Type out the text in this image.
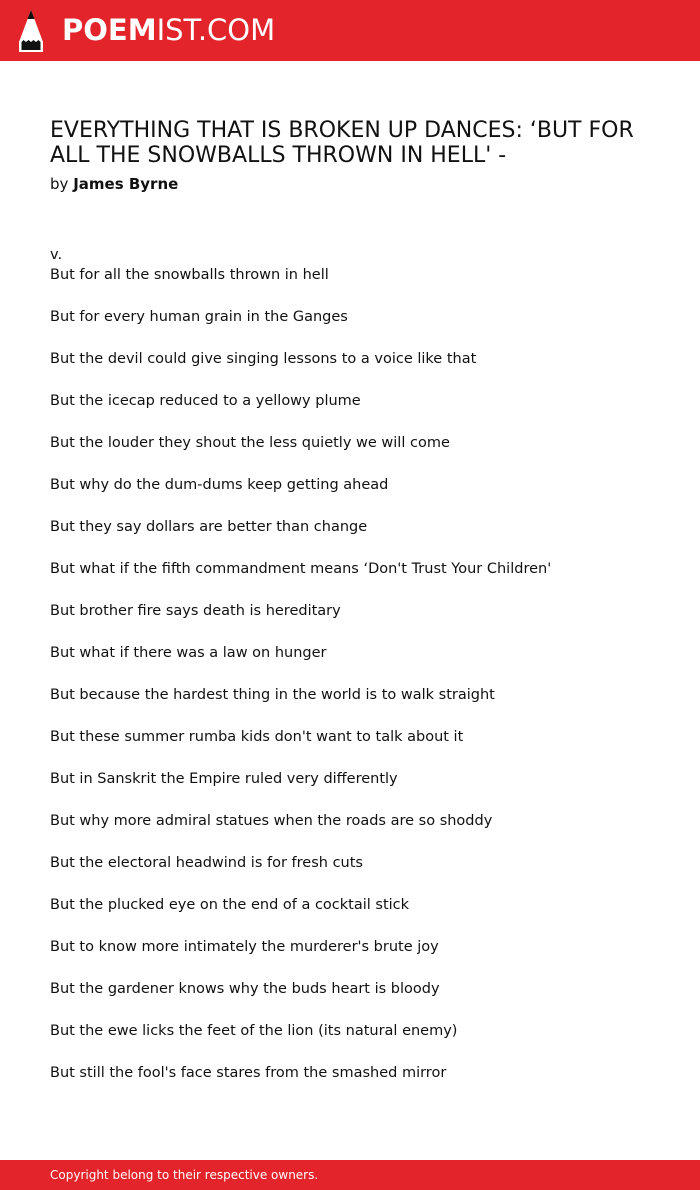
POEMIST.COM
EVERYTHING THAT IS BROKEN UP DANCES: ‘BUT FOR ALL THE SNOWBALLS THROWN IN HELL' -
by James Byrne
v.
But for all the snowballs thrown in hell
But for every human grain in the Ganges
But the devil could give singing lessons to a voice like that
But the icecap reduced to a yellowy plume
But the louder they shout the less quietly we will come
But why do the dum-dums keep getting ahead
But they say dollars are better than change
But what if the fifth commandment means ‘Don't Trust Your Children'
But brother fire says death is hereditary
But what if there was a law on hunger
But because the hardest thing in the world is to walk straight
But these summer rumba kids don't want to talk about it
But in Sanskrit the Empire ruled very differently
But why more admiral statues when the roads are so shoddy
But the electoral headwind is for fresh cuts
But the plucked eye on the end of a cocktail stick
But to know more intimately the murderer's brute joy
But the gardener knows why the buds heart is bloody
But the ewe licks the feet of the lion (its natural enemy)
But still the fool's face stares from the smashed mirror
Copyright belong to their respective owners.
